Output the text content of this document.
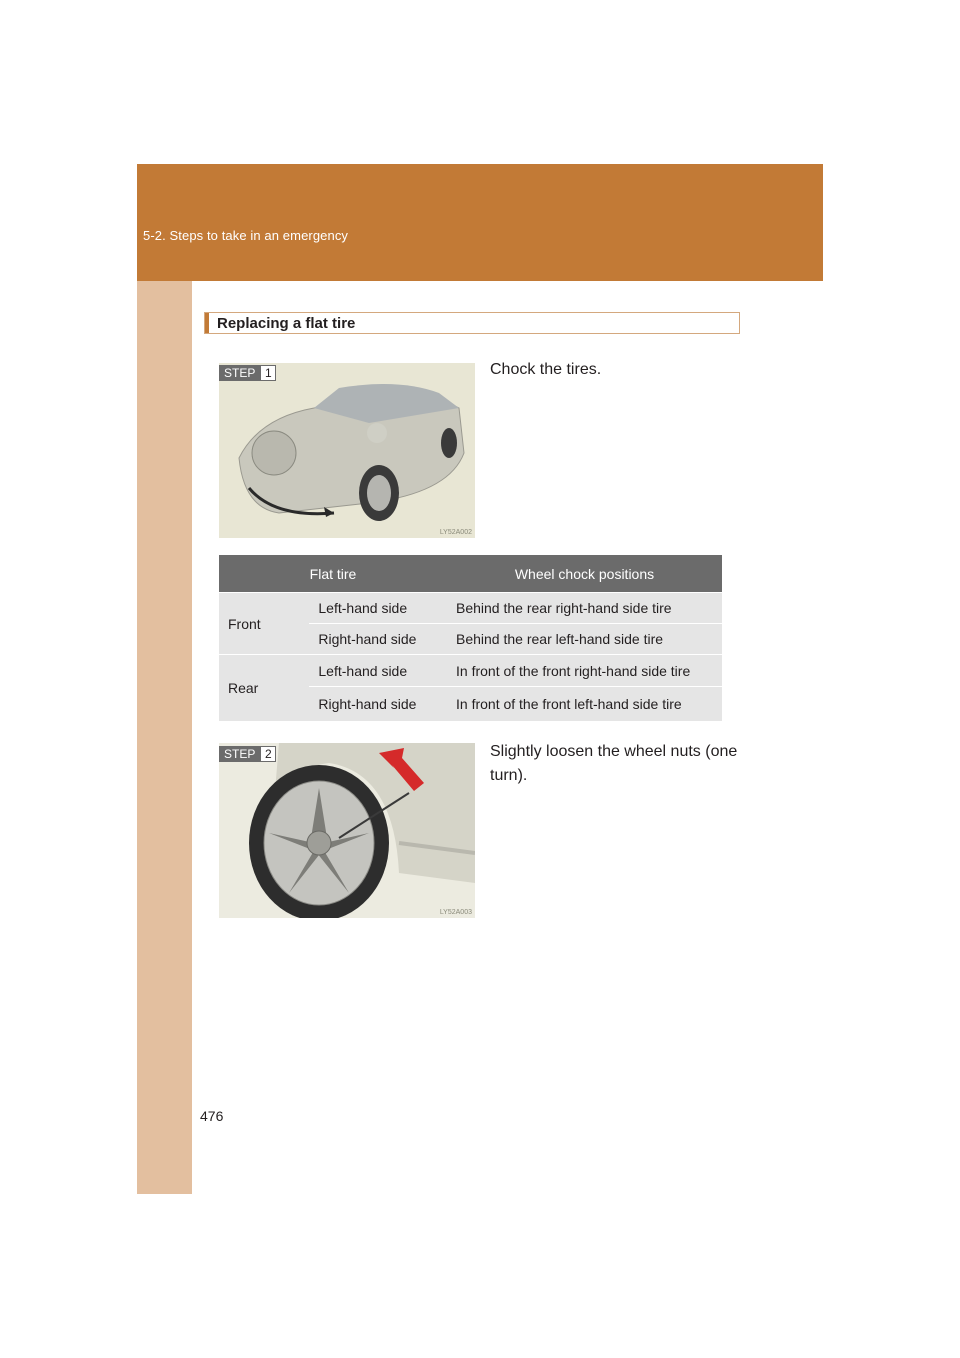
5-2. Steps to take in an emergency
Replacing a flat tire
LY52A002
STEP 1	Chock the tires.
Flat tire		Wheel chock positions
Front	Left-hand side	Behind the rear right-hand side tire
	Right-hand side	Behind the rear left-hand side tire
Rear	Left-hand side	In front of the front right-hand side tire
	Right-hand side	In front of the front left-hand side tire
LY52A003
STEP 2	Slightly loosen the wheel nuts (one turn).
476
